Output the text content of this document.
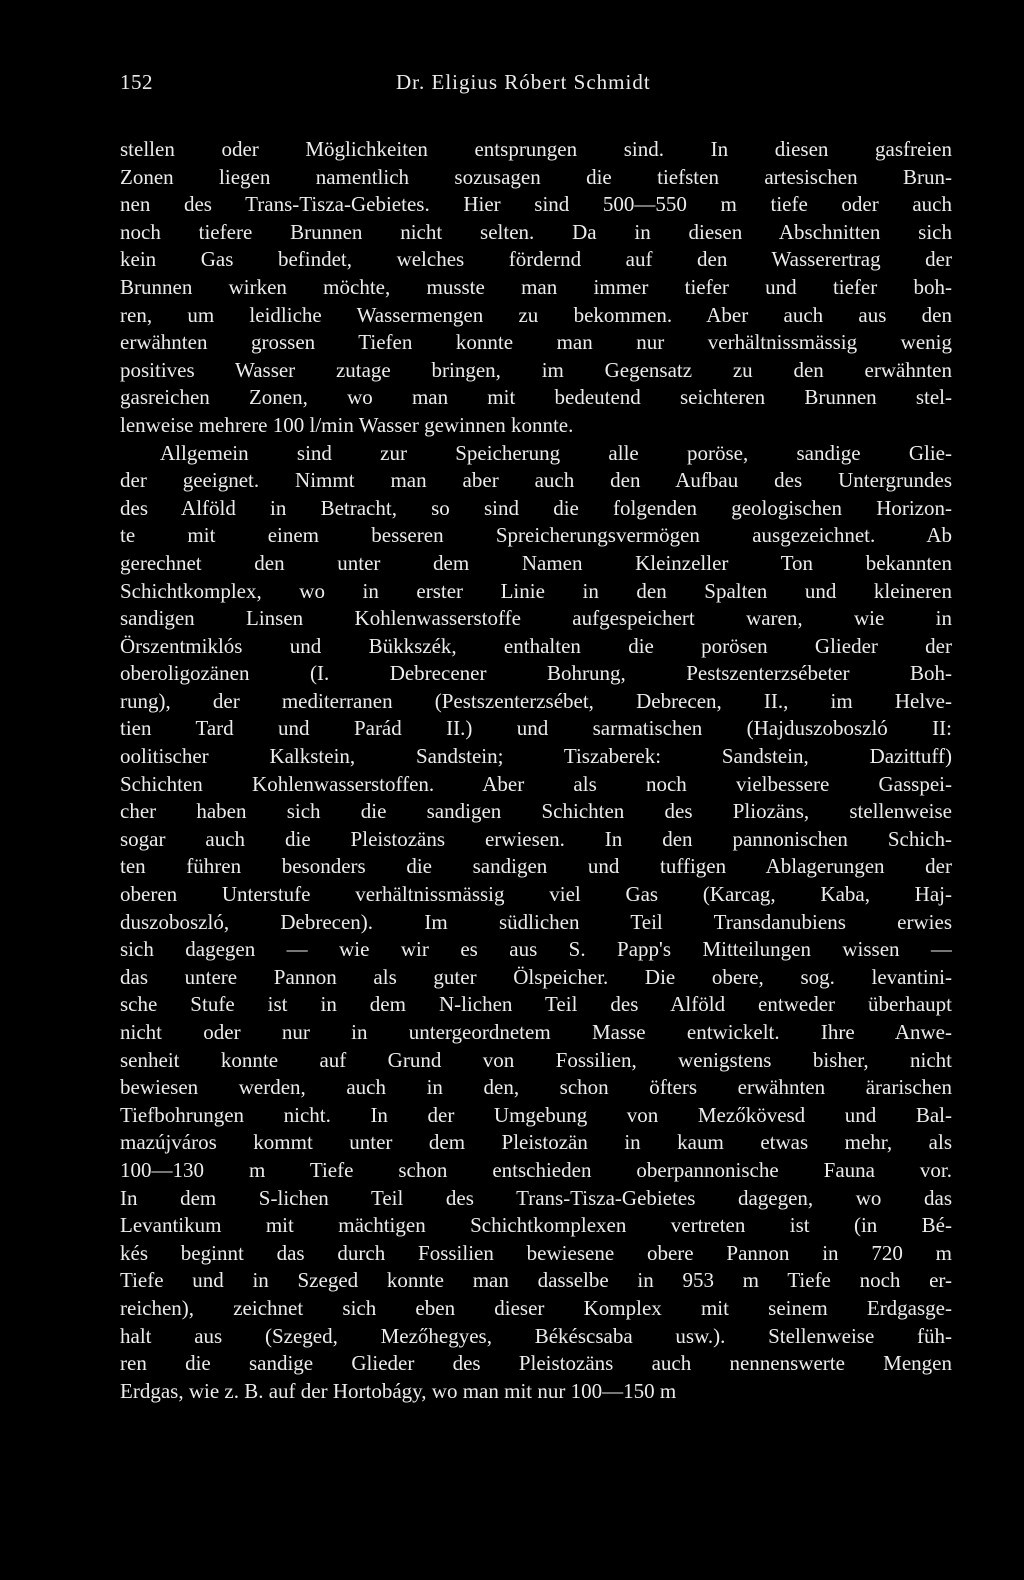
152	Dr. Eligius Róbert Schmidt
stellen oder Möglichkeiten entsprungen sind. In diesen gasfreien
Zonen liegen namentlich sozusagen die tiefsten artesischen Brun-
nen des Trans-Tisza-Gebietes. Hier sind 500—550 m tiefe oder auch
noch tiefere Brunnen nicht selten. Da in diesen Abschnitten sich
kein Gas befindet, welches fördernd auf den Wasserertrag der
Brunnen wirken möchte, musste man immer tiefer und tiefer boh-
ren, um leidliche Wassermengen zu bekommen. Aber auch aus den
erwähnten grossen Tiefen konnte man nur verhältnissmässig wenig
positives Wasser zutage bringen, im Gegensatz zu den erwähnten
gasreichen Zonen, wo man mit bedeutend seichteren Brunnen stel-
lenweise mehrere 100 l/min Wasser gewinnen konnte.
Allgemein sind zur Speicherung alle poröse, sandige Glie-
der geeignet. Nimmt man aber auch den Aufbau des Untergrundes
des Alföld in Betracht, so sind die folgenden geologischen Horizon-
te mit einem besseren Spreicherungsvermögen ausgezeichnet. Ab
gerechnet den unter dem Namen Kleinzeller Ton bekannten
Schichtkomplex, wo in erster Linie in den Spalten und kleineren
sandigen Linsen Kohlenwasserstoffe aufgespeichert waren, wie in
Örszentmiklós und Bükkszék, enthalten die porösen Glieder der
oberoligozänen (I. Debrecener Bohrung, Pestszenterzsébeter Boh-
rung), der mediterranen (Pestszenterzsébet, Debrecen, II., im Helve-
tien Tard und Parád II.) und sarmatischen (Hajduszoboszló II:
oolitischer Kalkstein, Sandstein; Tiszaberek: Sandstein, Dazittuff)
Schichten Kohlenwasserstoffen. Aber als noch vielbessere Gasspei-
cher haben sich die sandigen Schichten des Pliozäns, stellenweise
sogar auch die Pleistozäns erwiesen. In den pannonischen Schich-
ten führen besonders die sandigen und tuffigen Ablagerungen der
oberen Unterstufe verhältnissmässig viel Gas (Karcag, Kaba, Haj-
duszoboszló, Debrecen). Im südlichen Teil Transdanubiens erwies
sich dagegen — wie wir es aus S. Papp's Mitteilungen wissen —
das untere Pannon als guter Ölspeicher. Die obere, sog. levantini-
sche Stufe ist in dem N-lichen Teil des Alföld entweder überhaupt
nicht oder nur in untergeordnetem Masse entwickelt. Ihre Anwe-
senheit konnte auf Grund von Fossilien, wenigstens bisher, nicht
bewiesen werden, auch in den, schon öfters erwähnten ärarischen
Tiefbohrungen nicht. In der Umgebung von Mezőkövesd und Bal-
mazújváros kommt unter dem Pleistozän in kaum etwas mehr, als
100—130 m Tiefe schon entschieden oberpannonische Fauna vor.
In dem S-lichen Teil des Trans-Tisza-Gebietes dagegen, wo das
Levantikum mit mächtigen Schichtkomplexen vertreten ist (in Bé-
kés beginnt das durch Fossilien bewiesene obere Pannon in 720 m
Tiefe und in Szeged konnte man dasselbe in 953 m Tiefe noch er-
reichen), zeichnet sich eben dieser Komplex mit seinem Erdgasge-
halt aus (Szeged, Mezőhegyes, Békéscsaba usw.). Stellenweise füh-
ren die sandige Glieder des Pleistozäns auch nennenswerte Mengen
Erdgas, wie z. B. auf der Hortobágy, wo man mit nur 100—150 m
